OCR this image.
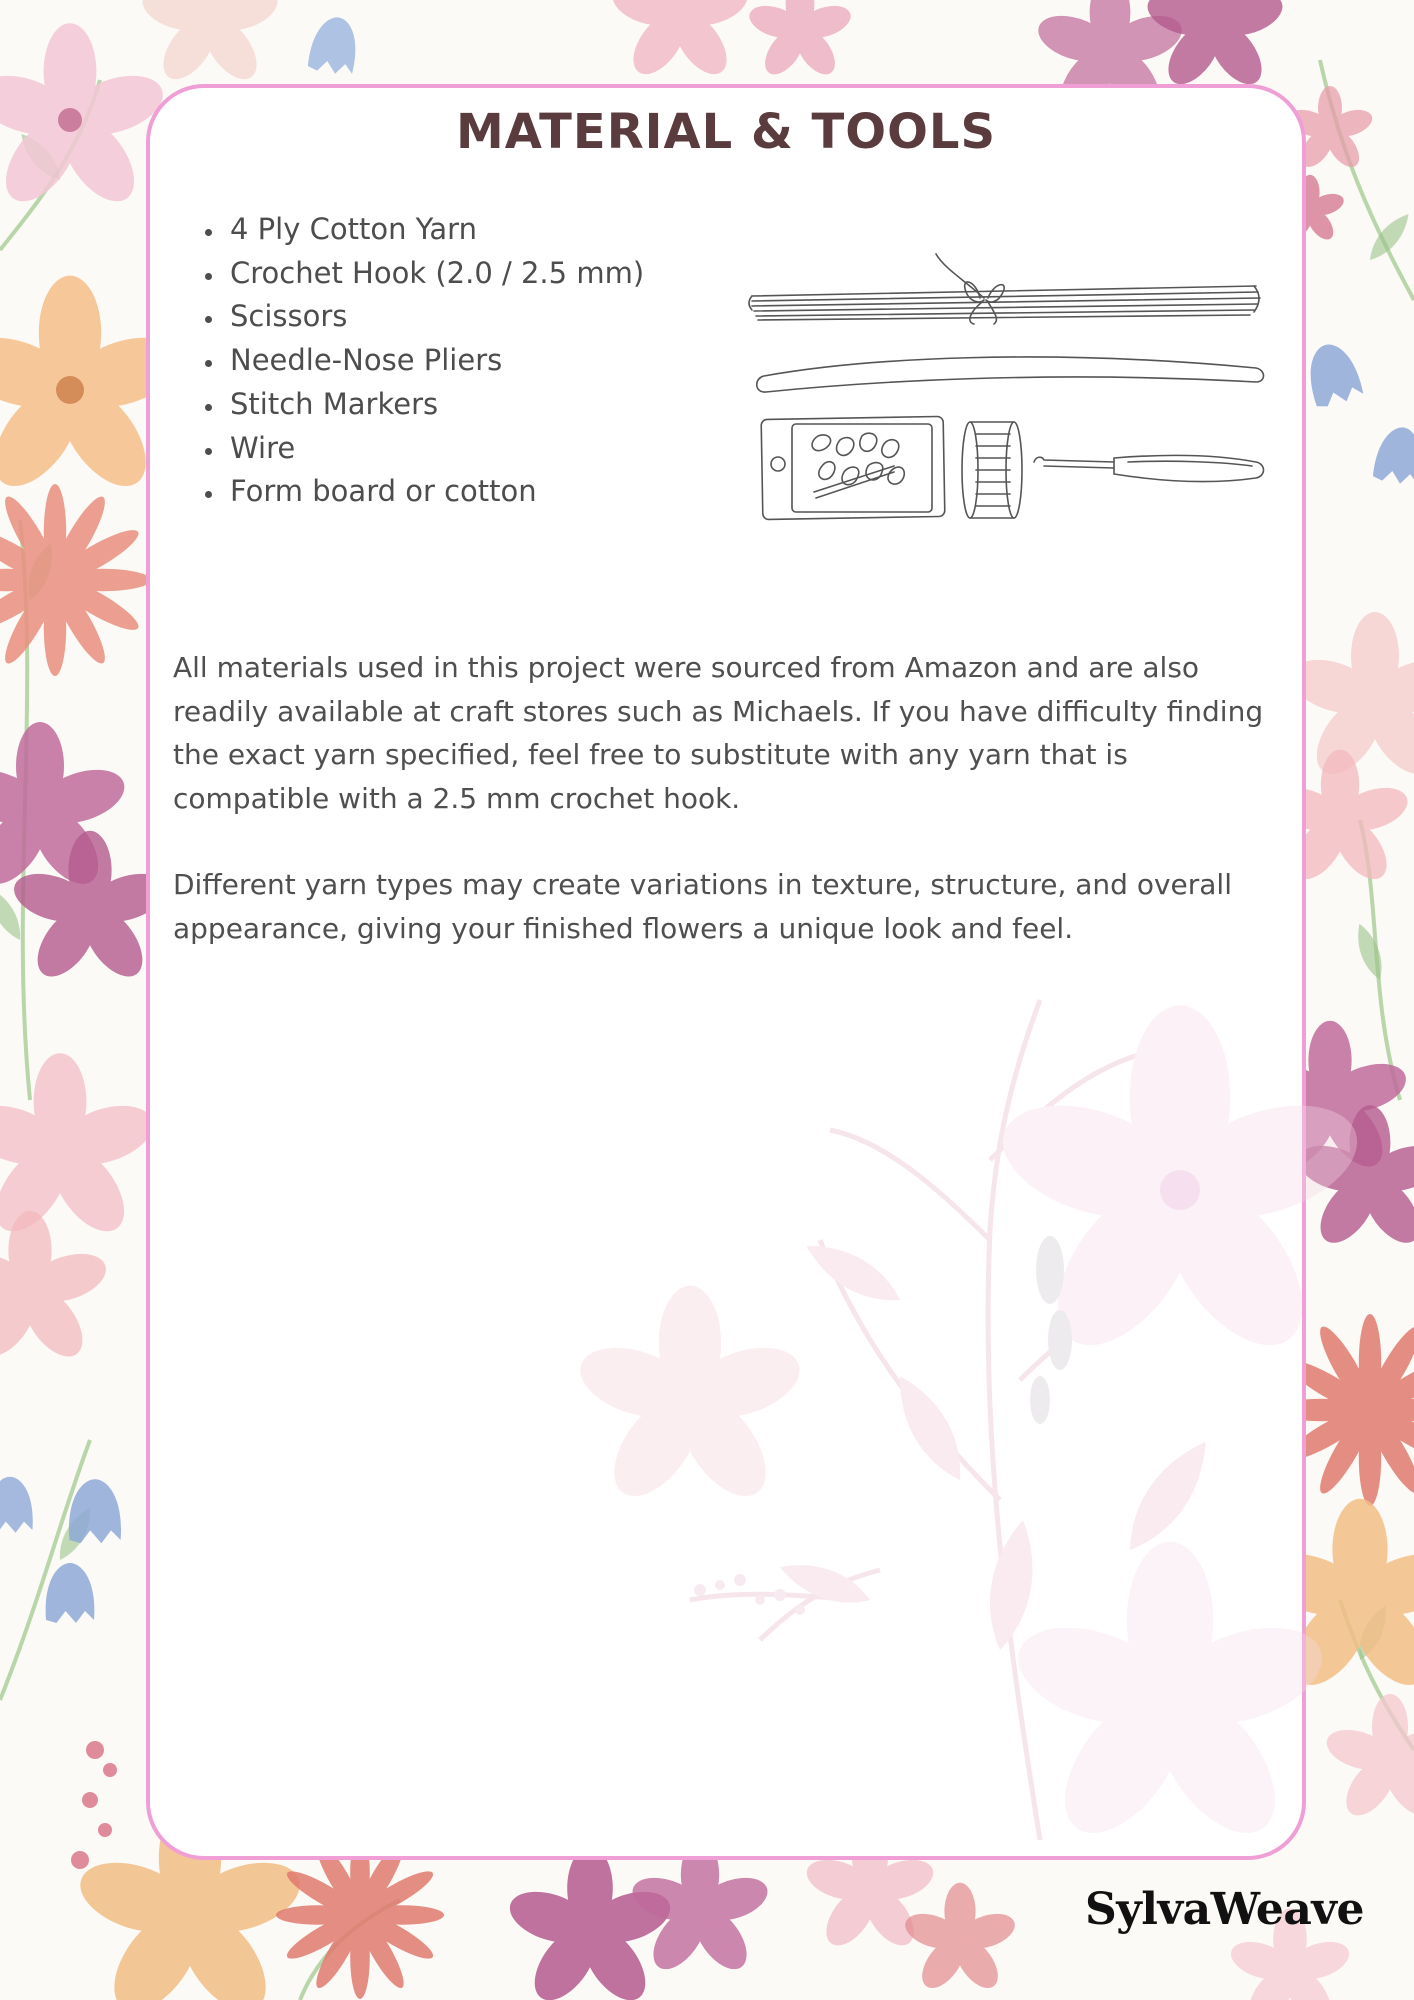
MATERIAL & TOOLS
• 4 Ply Cotton Yarn
• Crochet Hook (2.0 / 2.5 mm)
• Scissors
• Needle-Nose Pliers
• Stitch Markers
• Wire
• Form board or cotton

All materials used in this project were sourced from Amazon and are also readily available at craft stores such as Michaels. If you have difficulty finding the exact yarn specified, feel free to substitute with any yarn that is compatible with a 2.5 mm crochet hook.

Different yarn types may create variations in texture, structure, and overall appearance, giving your finished flowers a unique look and feel.

SylvaWeave
